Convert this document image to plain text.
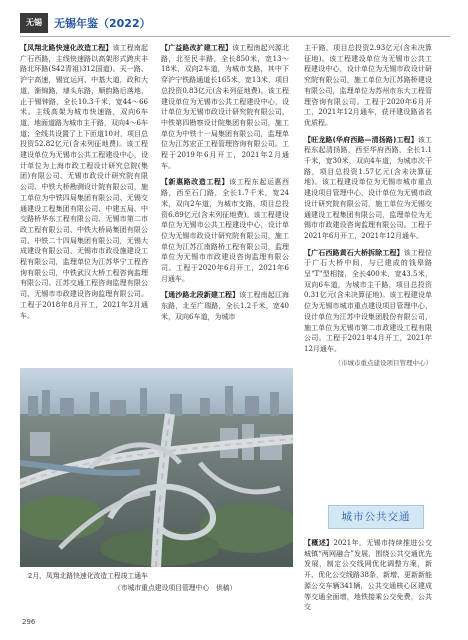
无锡	无锡年鉴（2022）

【凤翔北路快速化改造工程】该工程南起广石西路，主线快速路以高架形式跨庆丰路北环路(S42青祖)312国道)、天一路、沪宁高速，锡宜运河、中基大道，政和大道、渐锦路，埭头东路，顺韵路后落地，止于锡钟路，全长10.3千米，宽44～66米。主线高架为城市快速路，双向6车道，地面道路为城市主干路，双向4～6车道；全线共设置了上下匝道10对，项目总投资52.82亿元(含未列征地费)。该工程建设单位为无锡市公共工程建设中心，设计单位为上海市政工程设计研究总院(集团)有限公司、无锡市政设计研究院有限公司、中铁大桥勘测设计院有限公司，施工单位为中铁四局集团有限公司、无锡交通建设工程集团有限公司、中建五局、中交路桥华东工程有限公司、无锡市第二市政工程有限公司、中铁大桥局集团有限公司、中铁二十四局集团有限公司，无锡大成建设有限公司、无锡市市政设施建设工程有限公司，监理单位为江苏华宁工程咨询有限公司，中铁武汉大桥工程咨询监理有限公司、江苏交通工程咨询监理有限公司、无锡市市政建设咨询监理有限公司。工程于2018年8月开工，2021年2月通车。

【广益路改扩建工程】该工程南起兴源北路，北至民丰路，全长850米，宽13～18米，双向2车道，为城市支路，其中下穿沪宁铁路通道长165米，宽13米，项目总投资0.83亿元(含未列征地费)。该工程建设单位为无锡市公共工程建设中心，设计单位为无锡市政设计研究院有限公司，中铁第四勘察设计院集团有限公司，施工单位为中铁十一局集团有限公司，监理单位为江苏宏正工程管理咨询有限公司。工程于2019年6月开工，2021年2月通车。

【新惠路改造工程】该工程东起运惠西路，西至石门路，全长1.7千米，宽24米，双向2车道，为城市支路，项目总投资6.89亿元(含未列征地费)。该工程建设单位为无锡市公共工程建设中心，设计单位为无锡市政设计研究院有限公司，施工单位为江苏江南路桥工程有限公司，监理单位为无锡市市政建设咨询监理有限公司。工程于2020年6月开工，2021年6月通车。

【通沙路北段新建工程】该工程南起江海东路，北至广瑞路，全长1.2千米，宽40米，双向6车道，为城市

主干路，项目总投资2.93亿元(含未决算征地)。该工程建设单位为无锡市公共工程建设中心，设计单位为无锡市政设计研究院有限公司，施工单位为江苏路桥建设有限公司，监理单位为苏州市东大工程管理咨询有限公司。工程于2020年6月开工，2021年12月通车，获评建设路省名优质程。

【旺龙路(华府西路—清扬路)工程】该工程东起清扬路，西至华府西路，全长1.1千米，宽30米，双向4车道，为城市次干路，项目总投资1.57亿元(含未决算征地)。该工程建设单位为无锡市城市重点建设项目管理中心，设计单位为无锡市政设计研究院有限公司，施工单位为无锡交通建设工程集团有限公司，监理单位为无锡市市政建设咨询监理有限公司。工程于2021年6月开工，2021年12月通车。

【广石西路黄石大桥拆除工程】该工程位于广石大桥中间，与已建成的钱皋路呈"T"型相接，全长400米，宽43.5米，双向6车道，为城市主干路，项目总投资0.31亿元(含未决算征地)。该工程建设单位为无锡市城市重点建设项目管理中心，设计单位为江苏中设集团股份有限公司，施工单位为无锡市第二市政建设工程有限公司。工程于2021年4月开工，2021年12月通车。

（市城市重点建设项目管理中心）
2月，凤翔北路快速化改造工程竣工通车
（市城市重点建设项目管理中心　供稿）
城市公共交通

【概述】2021年，无锡市持续推进公交城镇“两网融合”发展，围绕公共交通优先发展，制定公交线网优化调整方案，新开、优化公交线路38条，新增、更新新能源公交车辆341辆，公共交通核心区建成等交通全面增，地铁接乘公交免费，公共交

296
